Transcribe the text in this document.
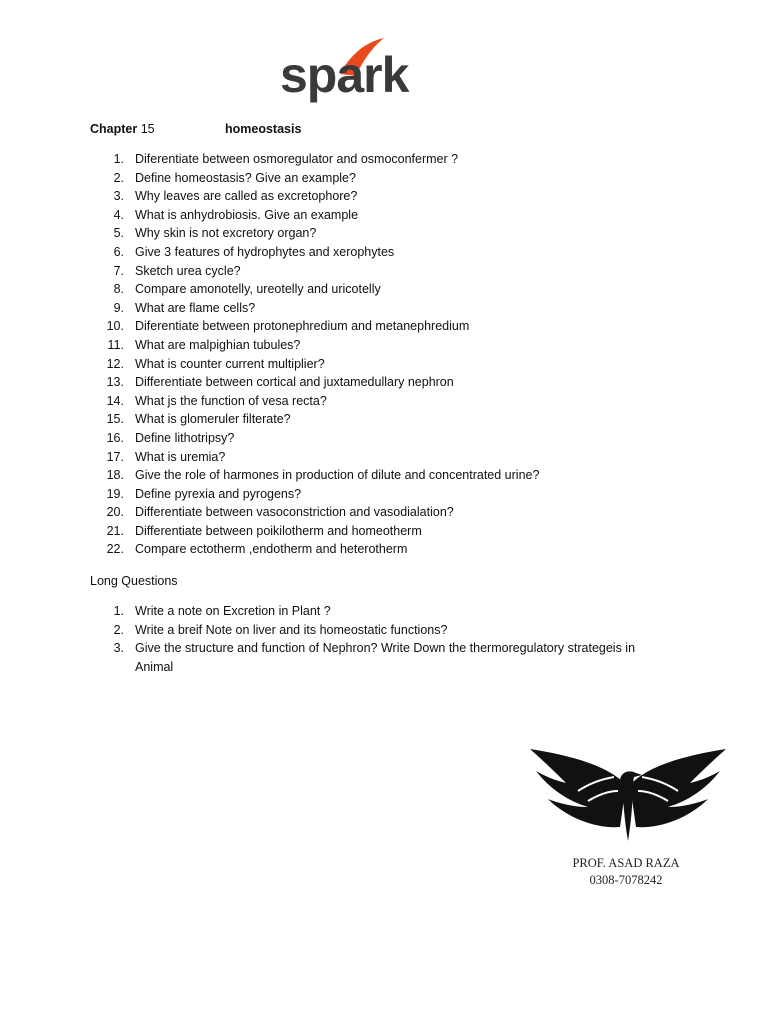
spark
Chapter 15	homeostasis
1. Diferentiate between osmoregulator and osmoconfermer ?
2. Define homeostasis? Give an example?
3. Why leaves are called as excretophore?
4. What is anhydrobiosis. Give an example
5. Why skin is not excretory organ?
6. Give 3 features of hydrophytes and xerophytes
7. Sketch urea cycle?
8. Compare amonotelly, ureotelly and uricotelly
9. What are flame cells?
10. Diferentiate between protonephredium and metanephredium
11. What are malpighian tubules?
12. What is counter current multiplier?
13. Differentiate between cortical and juxtamedullary nephron
14. What js the function of vesa recta?
15. What is glomeruler filterate?
16. Define lithotripsy?
17. What is uremia?
18. Give the role of harmones in production of dilute and concentrated urine?
19. Define pyrexia and pyrogens?
20. Differentiate between vasoconstriction and vasodialation?
21. Differentiate between poikilotherm and homeotherm
22. Compare ectotherm ,endotherm and heterotherm
Long Questions
1. Write a note on Excretion in Plant ?
2. Write a breif Note on liver and its homeostatic functions?
3. Give the structure and function of Nephron? Write Down the thermoregulatory strategeis in Animal
PROF. ASAD RAZA
0308-7078242
